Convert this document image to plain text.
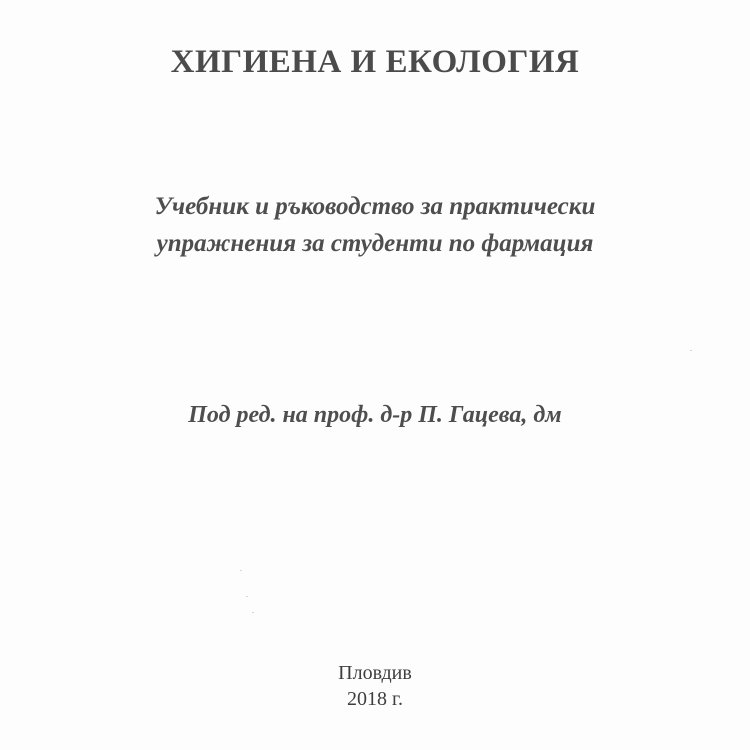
ХИГИЕНА И ЕКОЛОГИЯ

Учебник и ръководство за практически
упражнения за студенти по фармация

Под ред. на проф. д-р П. Гацева, дм

Пловдив
2018 г.
